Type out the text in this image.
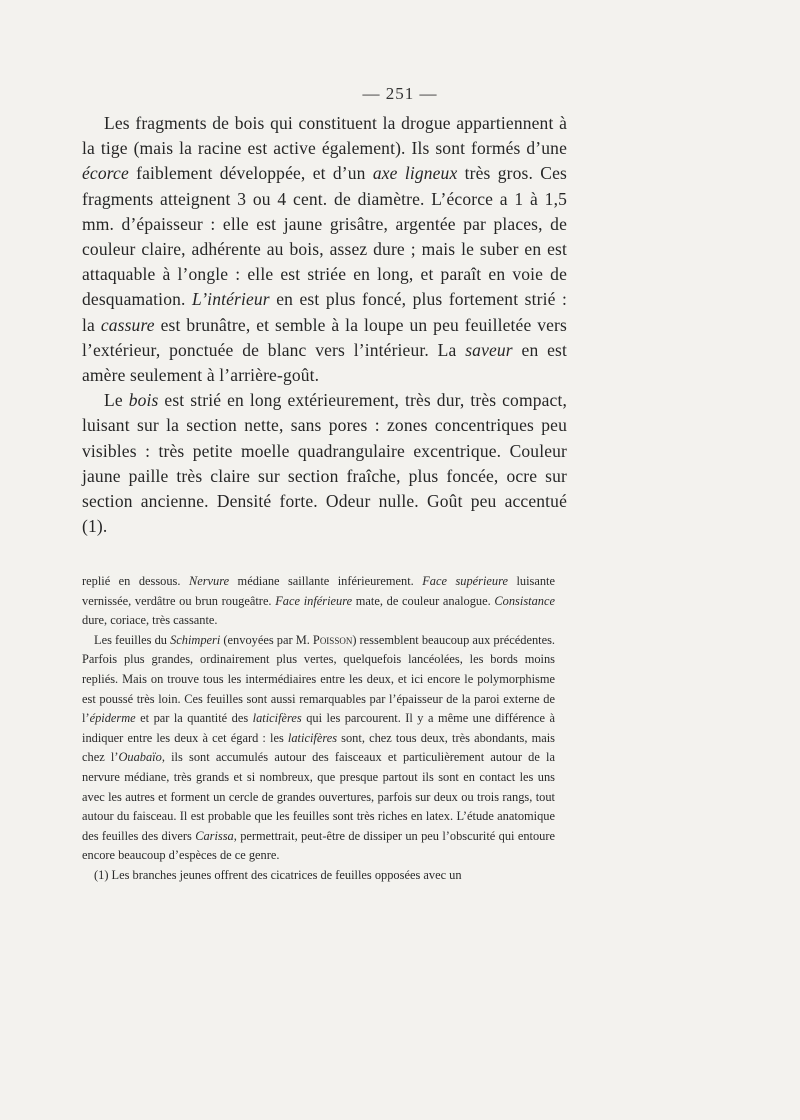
— 251 —

Les fragments de bois qui constituent la drogue appartiennent à la tige (mais la racine est active également). Ils sont formés d’une écorce faiblement développée, et d’un axe ligneux très gros. Ces fragments atteignent 3 ou 4 cent. de diamètre. L’écorce a 1 à 1,5 mm. d’épaisseur : elle est jaune grisâtre, argentée par places, de couleur claire, adhérente au bois, assez dure ; mais le suber en est attaquable à l’ongle : elle est striée en long, et paraît en voie de desquamation. L’intérieur en est plus foncé, plus fortement strié : la cassure est brunâtre, et semble à la loupe un peu feuilletée vers l’extérieur, ponctuée de blanc vers l’intérieur. La saveur en est amère seulement à l’arrière-goût.

Le bois est strié en long extérieurement, très dur, très compact, luisant sur la section nette, sans pores : zones concentriques peu visibles : très petite moelle quadrangulaire excentrique. Couleur jaune paille très claire sur section fraîche, plus foncée, ocre sur section ancienne. Densité forte. Odeur nulle. Goût peu accentué (1).

replié en dessous. Nervure médiane saillante inférieurement. Face supérieure luisante vernissée, verdâtre ou brun rougeâtre. Face inférieure mate, de couleur analogue. Consistance dure, coriace, très cassante.

Les feuilles du Schimperi (envoyées par M. Poisson) ressemblent beaucoup aux précédentes. Parfois plus grandes, ordinairement plus vertes, quelquefois lancéolées, les bords moins repliés. Mais on trouve tous les intermédiaires entre les deux, et ici encore le polymorphisme est poussé très loin. Ces feuilles sont aussi remarquables par l’épaisseur de la paroi externe de l’épiderme et par la quantité des laticifères qui les parcourent. Il y a même une différence à indiquer entre les deux à cet égard : les laticifères sont, chez tous deux, très abondants, mais chez l’Ouabaïo, ils sont accumulés autour des faisceaux et particulièrement autour de la nervure médiane, très grands et si nombreux, que presque partout ils sont en contact les uns avec les autres et forment un cercle de grandes ouvertures, parfois sur deux ou trois rangs, tout autour du faisceau. Il est probable que les feuilles sont très riches en latex. L’étude anatomique des feuilles des divers Carissa, permettrait, peut-être de dissiper un peu l’obscurité qui entoure encore beaucoup d’espèces de ce genre.

(1) Les branches jeunes offrent des cicatrices de feuilles opposées avec un
